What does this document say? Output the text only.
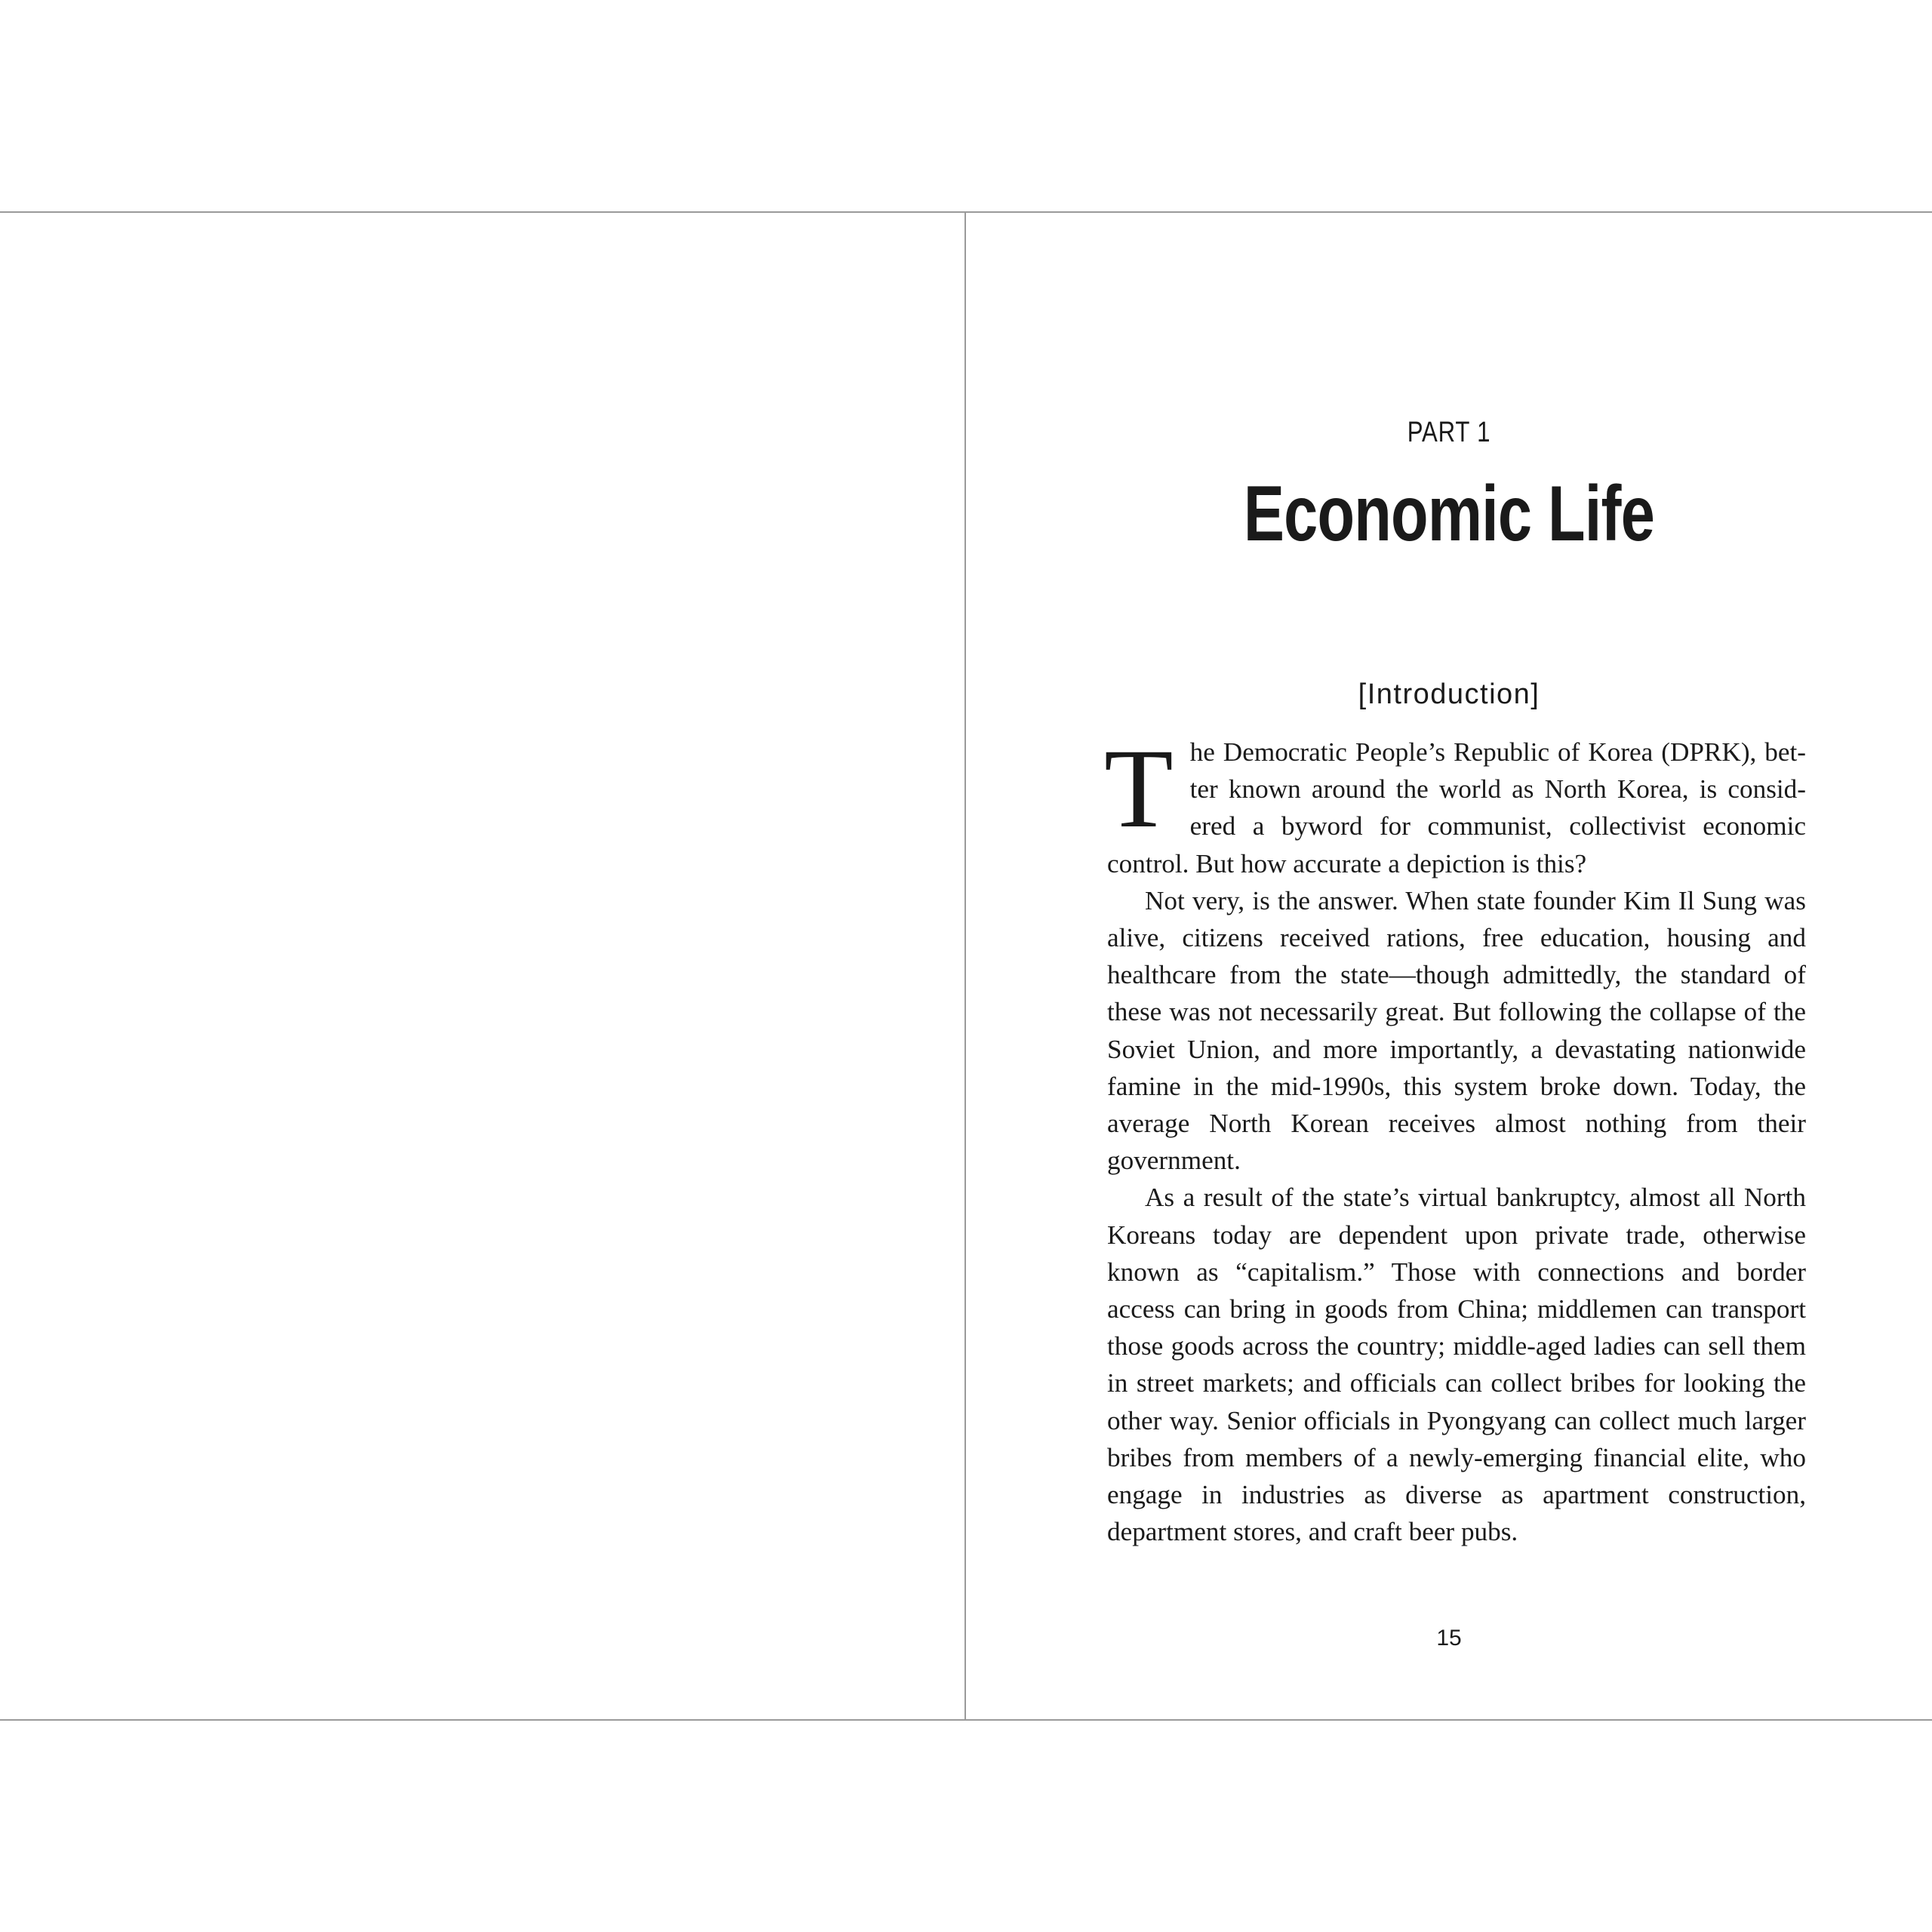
PART 1
Economic Life
[Introduction]

The Democratic People’s Republic of Korea (DPRK), better known around the world as North Korea, is considered a byword for communist, collectivist economic control. But how accurate a depiction is this?

Not very, is the answer. When state founder Kim Il Sung was alive, citizens received rations, free education, housing and healthcare from the state—though admittedly, the standard of these was not necessarily great. But following the collapse of the Soviet Union, and more importantly, a devastating nationwide famine in the mid-1990s, this system broke down. Today, the average North Korean receives almost nothing from their government.

As a result of the state’s virtual bankruptcy, almost all North Koreans today are dependent upon private trade, otherwise known as “capitalism.” Those with connections and border access can bring in goods from China; middlemen can transport those goods across the country; middle-aged ladies can sell them in street markets; and officials can collect bribes for looking the other way. Senior officials in Pyongyang can collect much larger bribes from members of a newly-emerging financial elite, who engage in industries as diverse as apartment construction, department stores, and craft beer pubs.

15
